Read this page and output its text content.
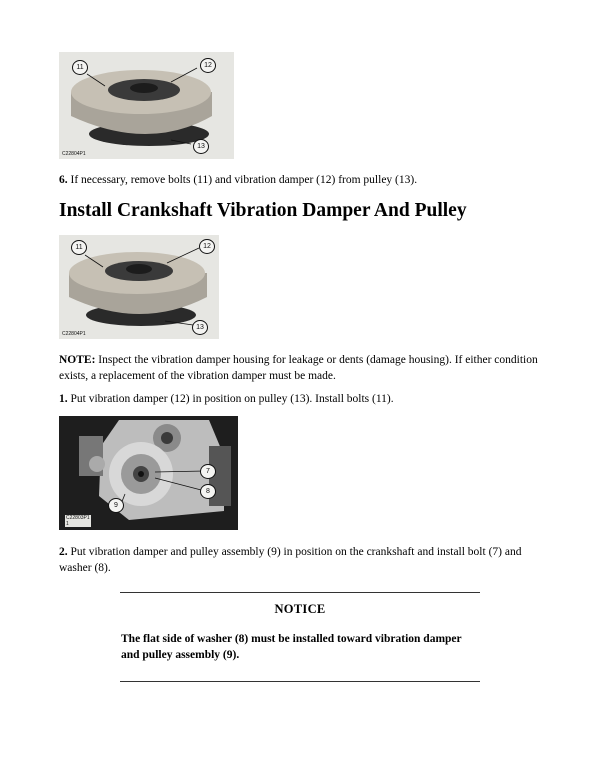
11	12
13
C22804P1
6. If necessary, remove bolts (11) and vibration damper (12) from pulley (13).
Install Crankshaft Vibration Damper And Pulley
11	12
13
C22804P1
NOTE: Inspect the vibration damper housing for leakage or dents (damage housing). If either condition exists, a replacement of the vibration damper must be made.
1. Put vibration damper (12) in position on pulley (13). Install bolts (11).
7
8
9
C22803P1
1
2. Put vibration damper and pulley assembly (9) in position on the crankshaft and install bolt (7) and washer (8).
NOTICE
The flat side of washer (8) must be installed toward vibration damper and pulley assembly (9).
